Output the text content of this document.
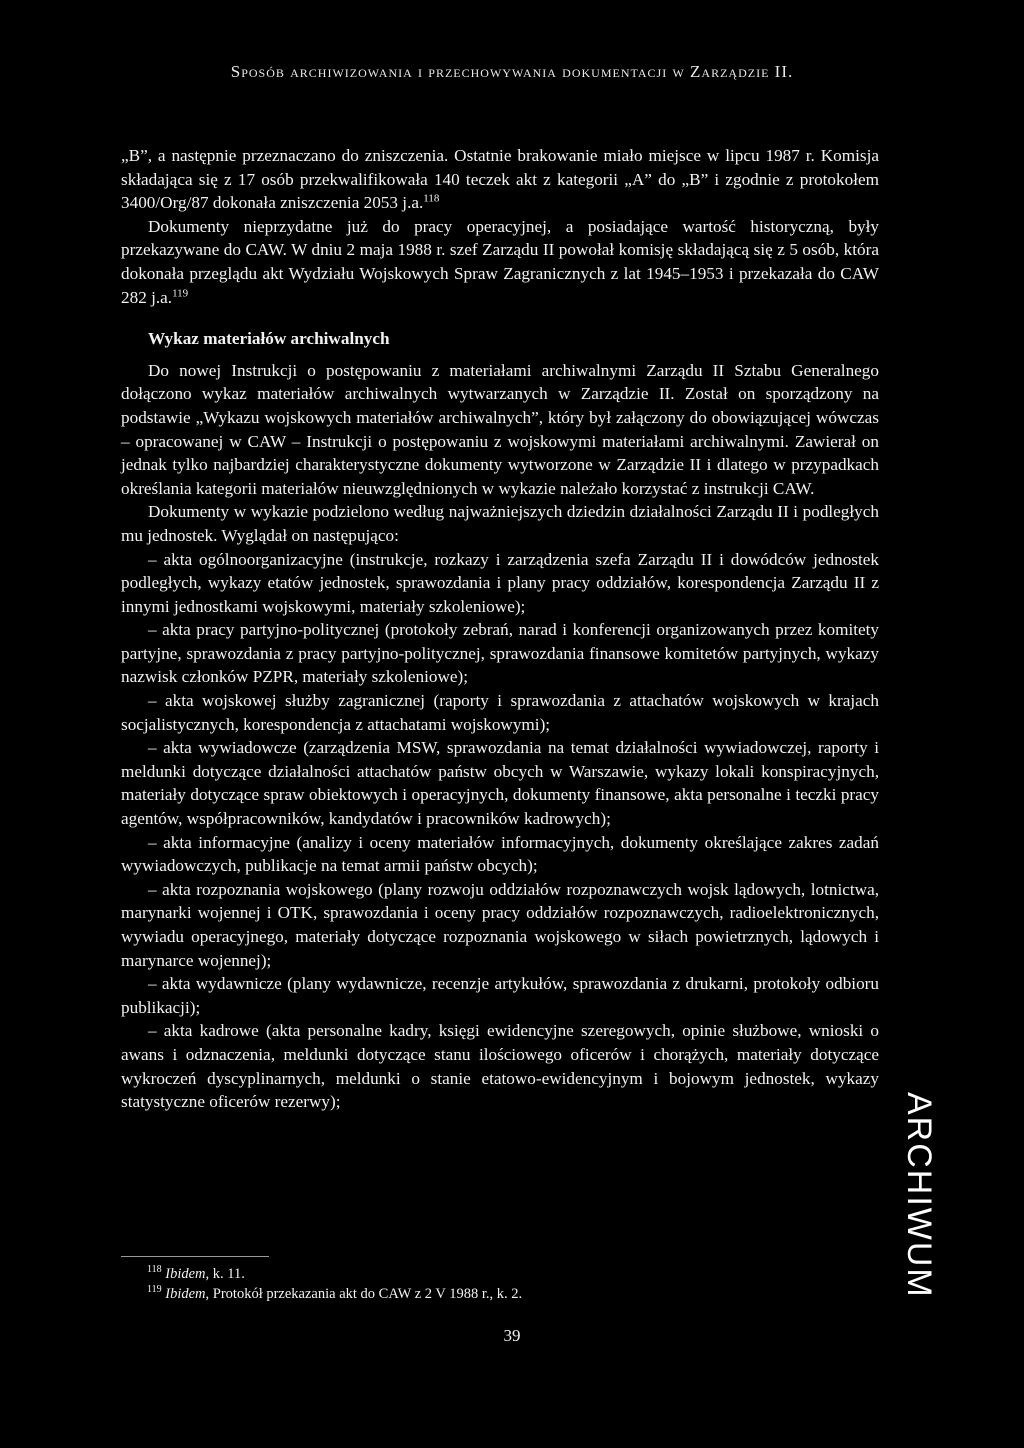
Sposób archiwizowania i przechowywania dokumentacji w Zarządzie II.

„B”, a następnie przeznaczano do zniszczenia. Ostatnie brakowanie miało miejsce w lipcu 1987 r. Komisja składająca się z 17 osób przekwalifikowała 140 teczek akt z kategorii „A” do „B” i zgodnie z protokołem 3400/Org/87 dokonała zniszczenia 2053 j.a.$^{118}$

Dokumenty nieprzydatne już do pracy operacyjnej, a posiadające wartość historyczną, były przekazywane do CAW. W dniu 2 maja 1988 r. szef Zarządu II powołał komisję składającą się z 5 osób, która dokonała przeglądu akt Wydziału Wojskowych Spraw Zagranicznych z lat 1945–1953 i przekazała do CAW 282 j.a.$^{119}$

Wykaz materiałów archiwalnych

Do nowej Instrukcji o postępowaniu z materiałami archiwalnymi Zarządu II Sztabu Generalnego dołączono wykaz materiałów archiwalnych wytwarzanych w Zarządzie II. Został on sporządzony na podstawie „Wykazu wojskowych materiałów archiwalnych”, który był załączony do obowiązującej wówczas – opracowanej w CAW – Instrukcji o postępowaniu z wojskowymi materiałami archiwalnymi. Zawierał on jednak tylko najbardziej charakterystyczne dokumenty wytworzone w Zarządzie II i dlatego w przypadkach określania kategorii materiałów nieuwzględnionych w wykazie należało korzystać z instrukcji CAW.

Dokumenty w wykazie podzielono według najważniejszych dziedzin działalności Zarządu II i podległych mu jednostek. Wyglądał on następująco:

– akta ogólnoorganizacyjne (instrukcje, rozkazy i zarządzenia szefa Zarządu II i dowódców jednostek podległych, wykazy etatów jednostek, sprawozdania i plany pracy oddziałów, korespondencja Zarządu II z innymi jednostkami wojskowymi, materiały szkoleniowe);

– akta pracy partyjno-politycznej (protokoły zebrań, narad i konferencji organizowanych przez komitety partyjne, sprawozdania z pracy partyjno-politycznej, sprawozdania finansowe komitetów partyjnych, wykazy nazwisk członków PZPR, materiały szkoleniowe);

– akta wojskowej służby zagranicznej (raporty i sprawozdania z attachatów wojskowych w krajach socjalistycznych, korespondencja z attachatami wojskowymi);

– akta wywiadowcze (zarządzenia MSW, sprawozdania na temat działalności wywiadowczej, raporty i meldunki dotyczące działalności attachatów państw obcych w Warszawie, wykazy lokali konspiracyjnych, materiały dotyczące spraw obiektowych i operacyjnych, dokumenty finansowe, akta personalne i teczki pracy agentów, współpracowników, kandydatów i pracowników kadrowych);

– akta informacyjne (analizy i oceny materiałów informacyjnych, dokumenty określające zakres zadań wywiadowczych, publikacje na temat armii państw obcych);

– akta rozpoznania wojskowego (plany rozwoju oddziałów rozpoznawczych wojsk lądowych, lotnictwa, marynarki wojennej i OTK, sprawozdania i oceny pracy oddziałów rozpoznawczych, radioelektronicznych, wywiadu operacyjnego, materiały dotyczące rozpoznania wojskowego w siłach powietrznych, lądowych i marynarce wojennej);

– akta wydawnicze (plany wydawnicze, recenzje artykułów, sprawozdania z drukarni, protokoły odbioru publikacji);

– akta kadrowe (akta personalne kadry, księgi ewidencyjne szeregowych, opinie służbowe, wnioski o awans i odznaczenia, meldunki dotyczące stanu ilościowego oficerów i chorążych, materiały dotyczące wykroczeń dyscyplinarnych, meldunki o stanie etatowo-ewidencyjnym i bojowym jednostek, wykazy statystyczne oficerów rezerwy);

$^{118}$ Ibidem, k. 11.

$^{119}$ Ibidem, Protokół przekazania akt do CAW z 2 V 1988 r., k. 2.

39
ARCHIWUM
